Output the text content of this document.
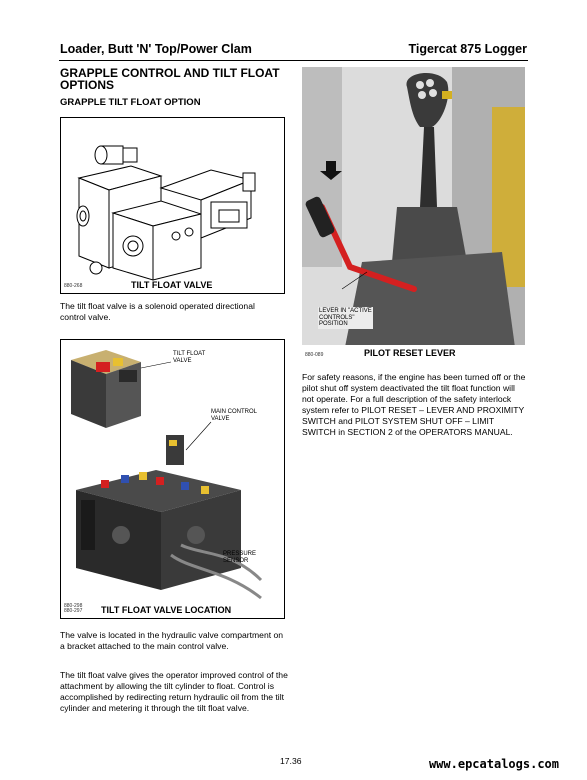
Loader, Butt 'N' Top/Power Clam	Tigercat 875 Logger
GRAPPLE CONTROL AND TILT FLOAT OPTIONS
GRAPPLE TILT FLOAT OPTION
880-268	TILT FLOAT VALVE
The tilt float valve is a solenoid operated directional control valve.
TILT FLOAT
VALVE
MAIN CONTROL
VALVE
PRESSURE
SENSOR
880-298
880-297 TILT FLOAT VALVE LOCATION
The valve is located in the hydraulic valve compartment on a bracket attached to the main control valve.
The tilt float valve gives the operator improved control of the attachment by allowing the tilt cylinder to float. Control is accomplished by redirecting return hydraulic oil from the tilt cylinder and metering it through the tilt float valve.
LEVER IN "ACTIVE
CONTROLS"
POSITION
880-089	PILOT RESET LEVER
For safety reasons, if the engine has been turned off or the pilot shut off system deactivated the tilt float function will not operate. For a full description of the safety interlock system refer to PILOT RESET – LEVER AND PROXIMITY SWITCH and PILOT SYSTEM SHUT OFF – LIMIT SWITCH in SECTION 2 of the OPERATORS MANUAL.
17.36	www.epcatalogs.com
